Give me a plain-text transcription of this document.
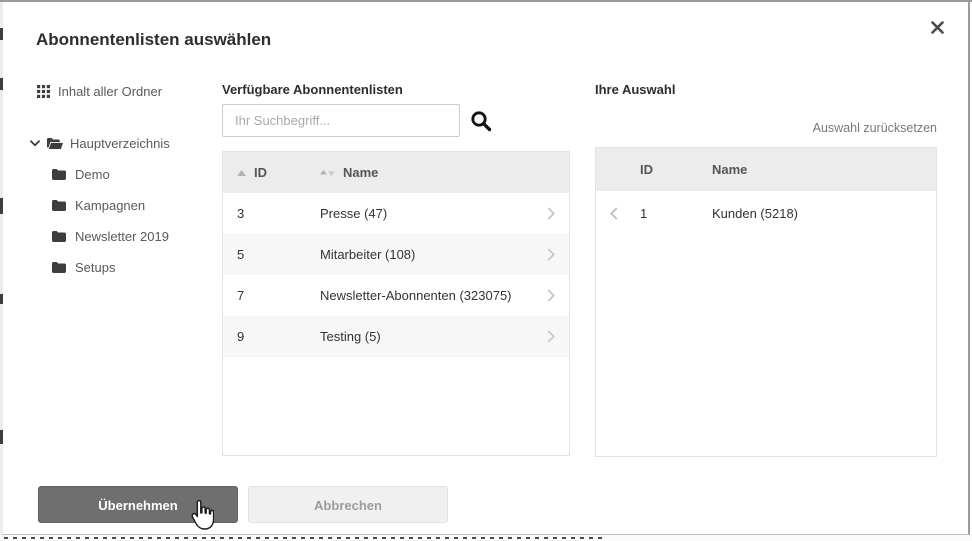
Abonnentenlisten auswählen
Inhalt aller Ordner
Hauptverzeichnis
Demo
Kampagnen
Newsletter 2019
Setups
Verfügbare Abonnentenlisten
Ihr Suchbegriff...
ID	Name
3	Presse (47)
5	Mitarbeiter (108)
7	Newsletter-Abonnenten (323075)
9	Testing (5)
Ihre Auswahl
Auswahl zurücksetzen
ID	Name
1	Kunden (5218)
Übernehmen	Abbrechen
